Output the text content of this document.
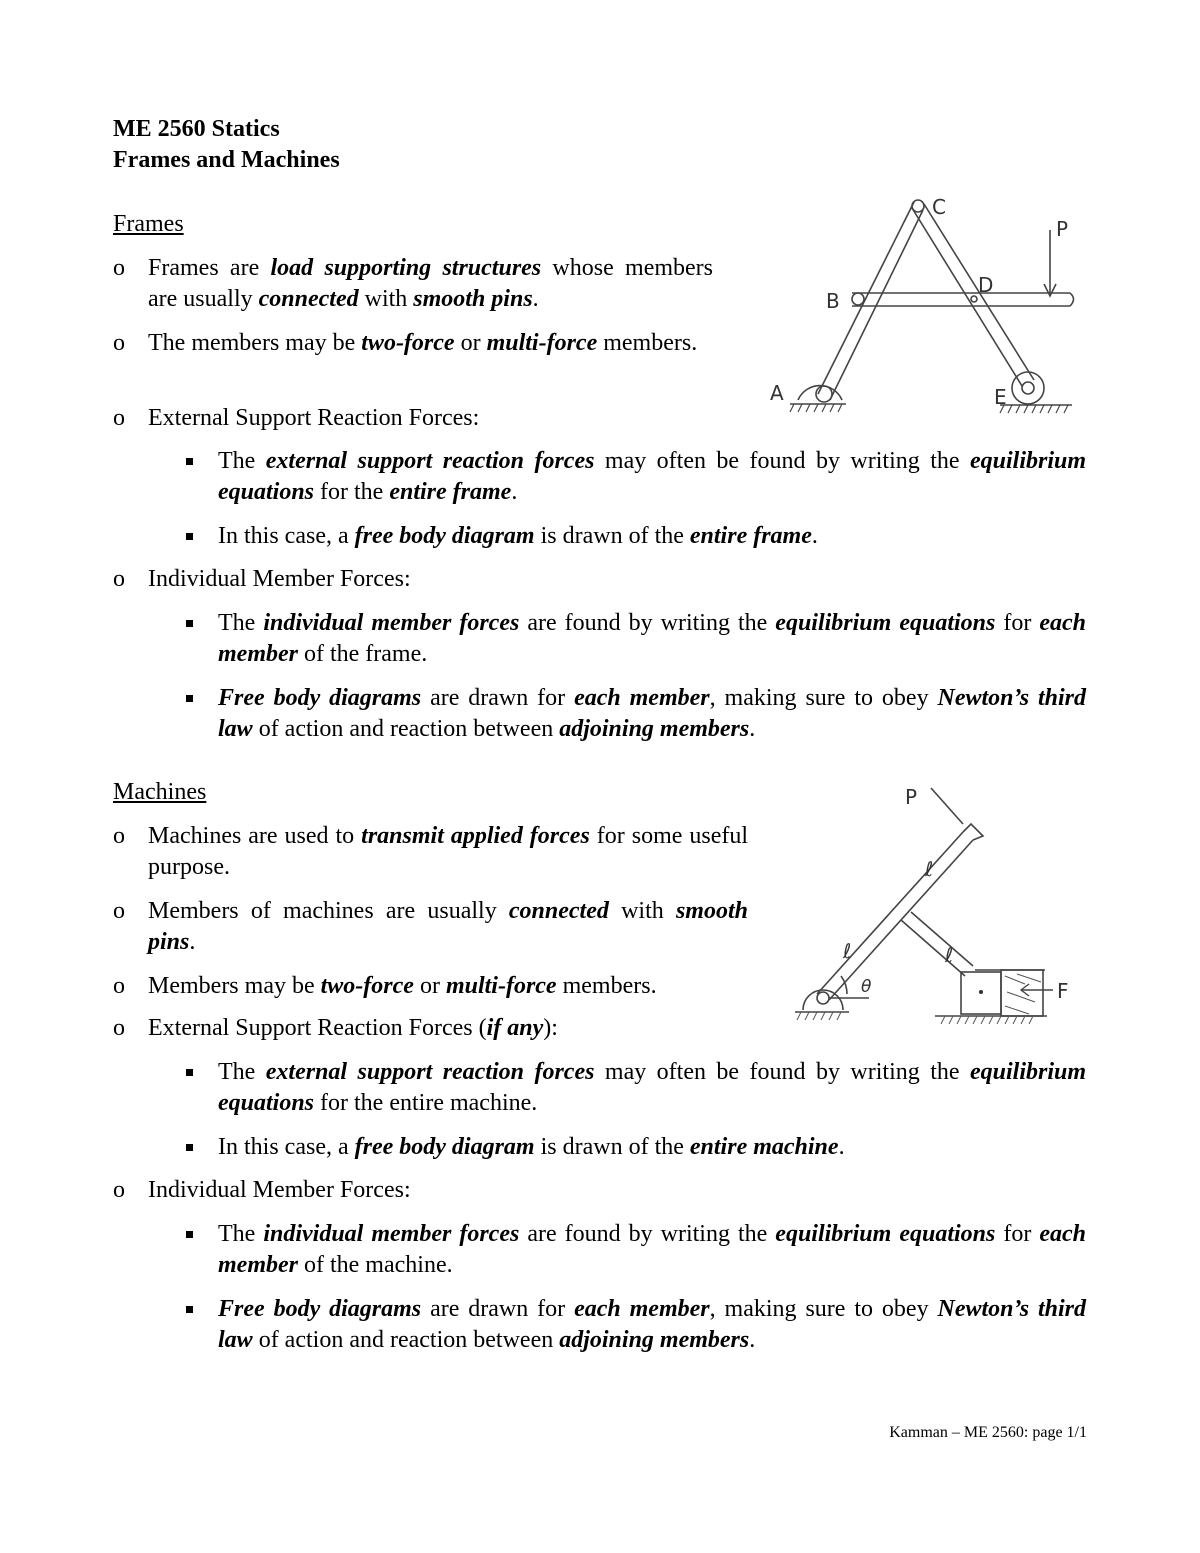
ME 2560 Statics
Frames and Machines
Frames
o Frames are load supporting structures whose members are usually connected with smooth pins.
o The members may be two-force or multi-force members.
o External Support Reaction Forces:
The external support reaction forces may often be found by writing the equilibrium equations for the entire frame.
In this case, a free body diagram is drawn of the entire frame.
o Individual Member Forces:
The individual member forces are found by writing the equilibrium equations for each member of the frame.
Free body diagrams are drawn for each member, making sure to obey Newton’s third law of action and reaction between adjoining members.
A
B
C
D
E
P
Machines
o Machines are used to transmit applied forces for some useful purpose.
o Members of machines are usually connected with smooth pins.
o Members may be two-force or multi-force members.
o External Support Reaction Forces (if any):
The external support reaction forces may often be found by writing the equilibrium equations for the entire machine.
In this case, a free body diagram is drawn of the entire machine.
o Individual Member Forces:
The individual member forces are found by writing the equilibrium equations for each member of the machine.
Free body diagrams are drawn for each member, making sure to obey Newton’s third law of action and reaction between adjoining members.
P
ℓ
ℓ	ℓ
θ	F
Kamman – ME 2560: page 1/1
